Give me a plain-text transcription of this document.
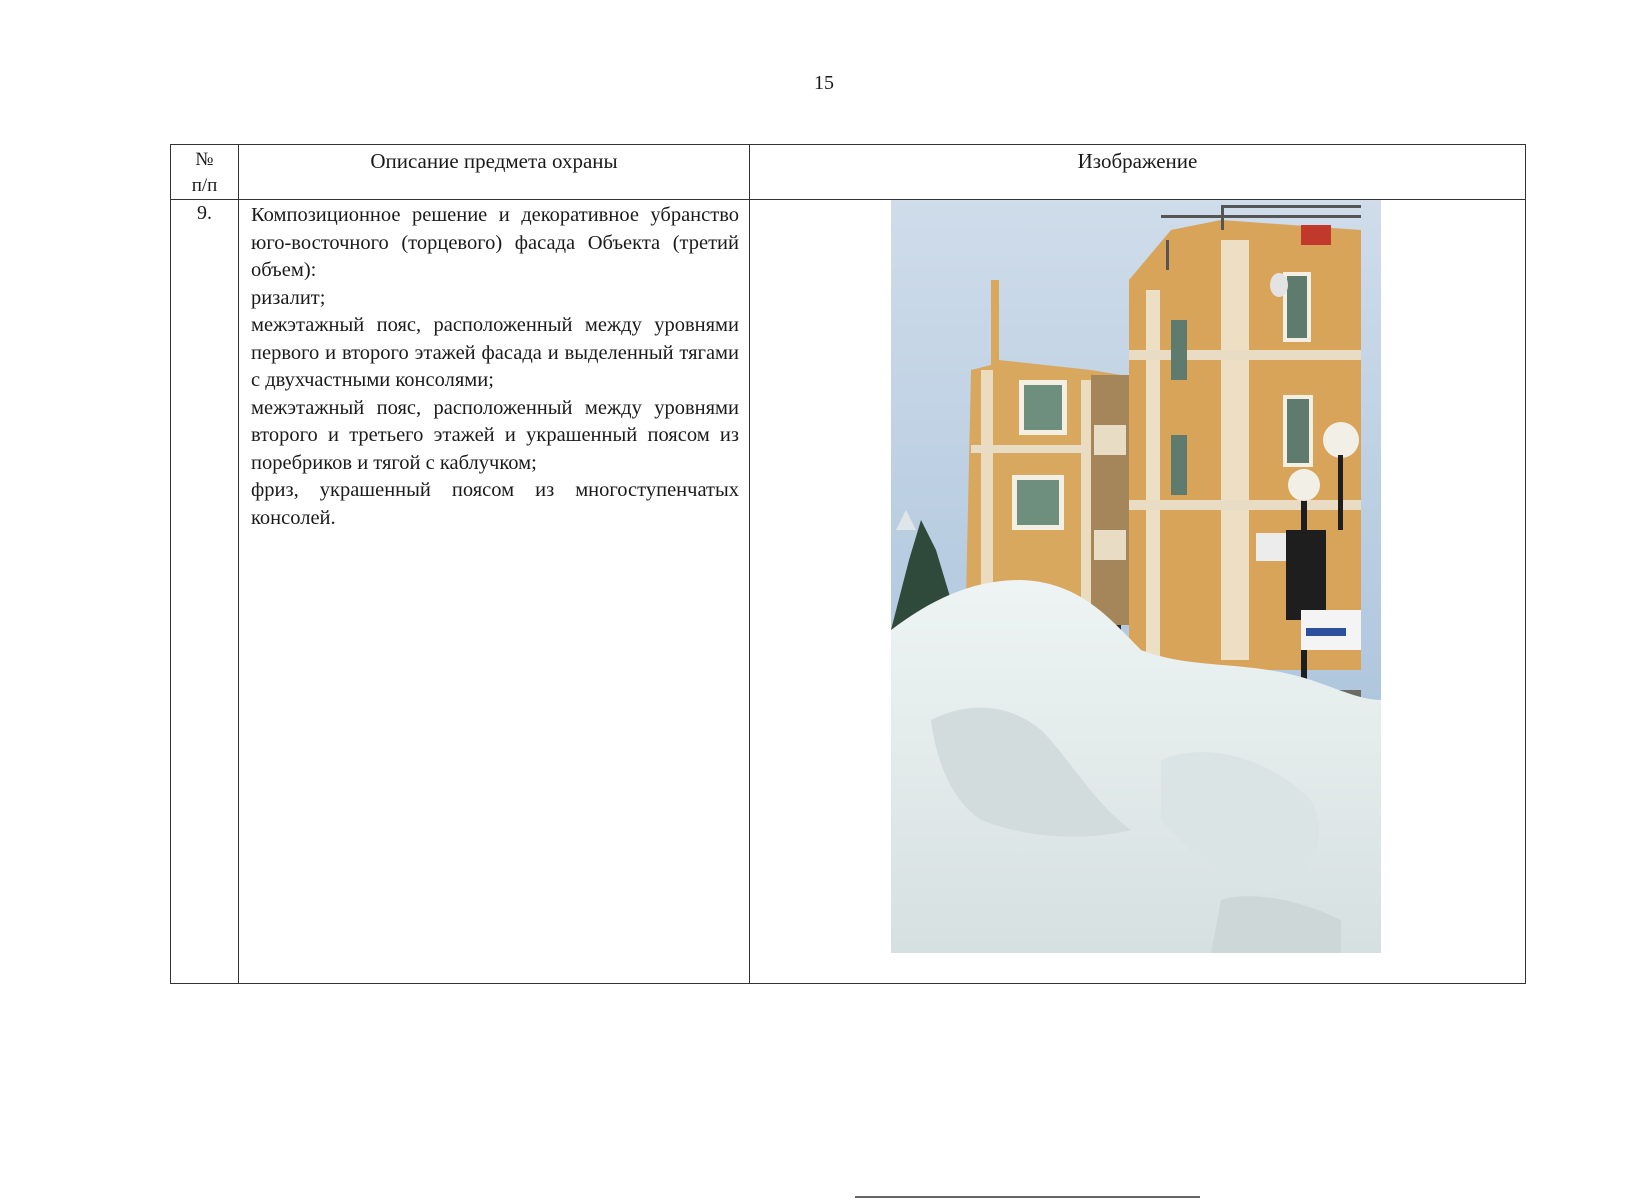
15
№
п/п	Описание предмета охраны	Изображение
9.	Композиционное решение и декоративное убранство юго-восточного (торцевого) фасада Объекта (третий объем):

ризалит;

межэтажный пояс, расположенный между уровнями первого и второго этажей фасада и выделенный тягами с двухчастными консолями;

межэтажный пояс, расположенный между уровнями второго и третьего этажей и украшенный поясом из поребриков и тягой с каблучком;

фриз, украшенный поясом из многоступенчатых консолей.
